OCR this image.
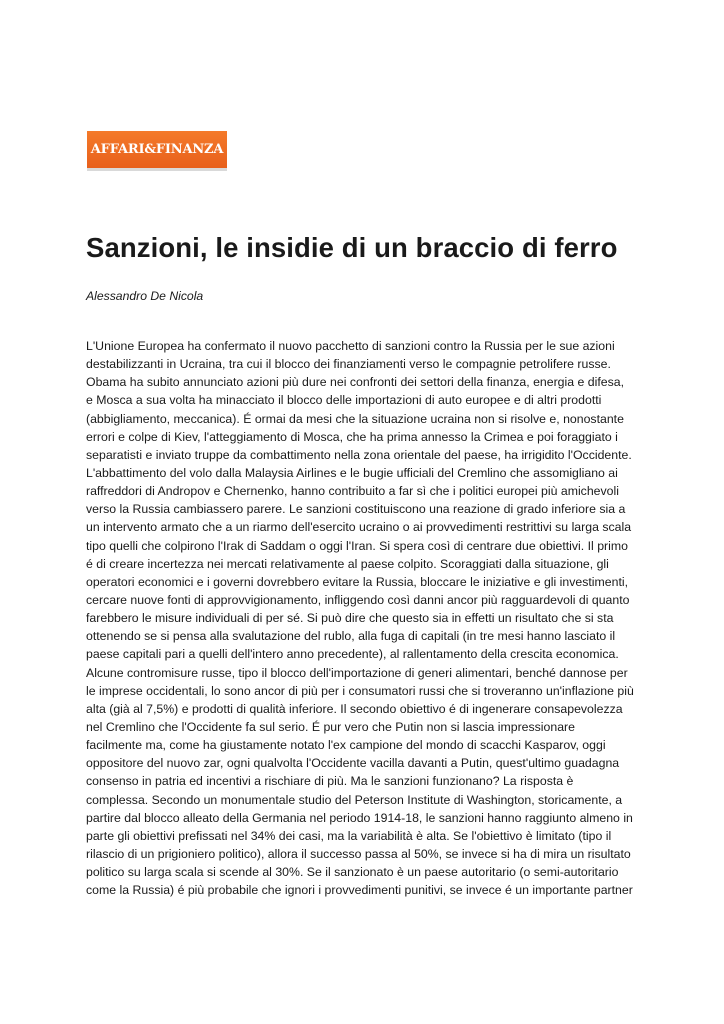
AFFARI&FINANZA
Sanzioni, le insidie di un braccio di ferro

Alessandro De Nicola

L'Unione Europea ha confermato il nuovo pacchetto di sanzioni contro la Russia per le sue azioni
destabilizzanti in Ucraina, tra cui il blocco dei finanziamenti verso le compagnie petrolifere russe.
Obama ha subito annunciato azioni più dure nei confronti dei settori della finanza, energia e difesa,
e Mosca a sua volta ha minacciato il blocco delle importazioni di auto europee e di altri prodotti
(abbigliamento, meccanica). É ormai da mesi che la situazione ucraina non si risolve e, nonostante
errori e colpe di Kiev, l'atteggiamento di Mosca, che ha prima annesso la Crimea e poi foraggiato i
separatisti e inviato truppe da combattimento nella zona orientale del paese, ha irrigidito l'Occidente.
L'abbattimento del volo dalla Malaysia Airlines e le bugie ufficiali del Cremlino che assomigliano ai
raffreddori di Andropov e Chernenko, hanno contribuito a far sì che i politici europei più amichevoli
verso la Russia cambiassero parere. Le sanzioni costituiscono una reazione di grado inferiore sia a
un intervento armato che a un riarmo dell'esercito ucraino o ai provvedimenti restrittivi su larga scala
tipo quelli che colpirono l'Irak di Saddam o oggi l'Iran. Si spera così di centrare due obiettivi. Il primo
é di creare incertezza nei mercati relativamente al paese colpito. Scoraggiati dalla situazione, gli
operatori economici e i governi dovrebbero evitare la Russia, bloccare le iniziative e gli investimenti,
cercare nuove fonti di approvvigionamento, infliggendo così danni ancor più ragguardevoli di quanto
farebbero le misure individuali di per sé. Si può dire che questo sia in effetti un risultato che si sta
ottenendo se si pensa alla svalutazione del rublo, alla fuga di capitali (in tre mesi hanno lasciato il
paese capitali pari a quelli dell'intero anno precedente), al rallentamento della crescita economica.
Alcune contromisure russe, tipo il blocco dell'importazione di generi alimentari, benché dannose per
le imprese occidentali, lo sono ancor di più per i consumatori russi che si troveranno un'inflazione più
alta (già al 7,5%) e prodotti di qualità inferiore. Il secondo obiettivo é di ingenerare consapevolezza
nel Cremlino che l'Occidente fa sul serio. É pur vero che Putin non si lascia impressionare
facilmente ma, come ha giustamente notato l'ex campione del mondo di scacchi Kasparov, oggi
oppositore del nuovo zar, ogni qualvolta l'Occidente vacilla davanti a Putin, quest'ultimo guadagna
consenso in patria ed incentivi a rischiare di più. Ma le sanzioni funzionano? La risposta è
complessa. Secondo un monumentale studio del Peterson Institute di Washington, storicamente, a
partire dal blocco alleato della Germania nel periodo 1914-18, le sanzioni hanno raggiunto almeno in
parte gli obiettivi prefissati nel 34% dei casi, ma la variabilità è alta. Se l'obiettivo è limitato (tipo il
rilascio di un prigioniero politico), allora il successo passa al 50%, se invece si ha di mira un risultato
politico su larga scala si scende al 30%. Se il sanzionato è un paese autoritario (o semi-autoritario
come la Russia) é più probabile che ignori i provvedimenti punitivi, se invece é un importante partner
